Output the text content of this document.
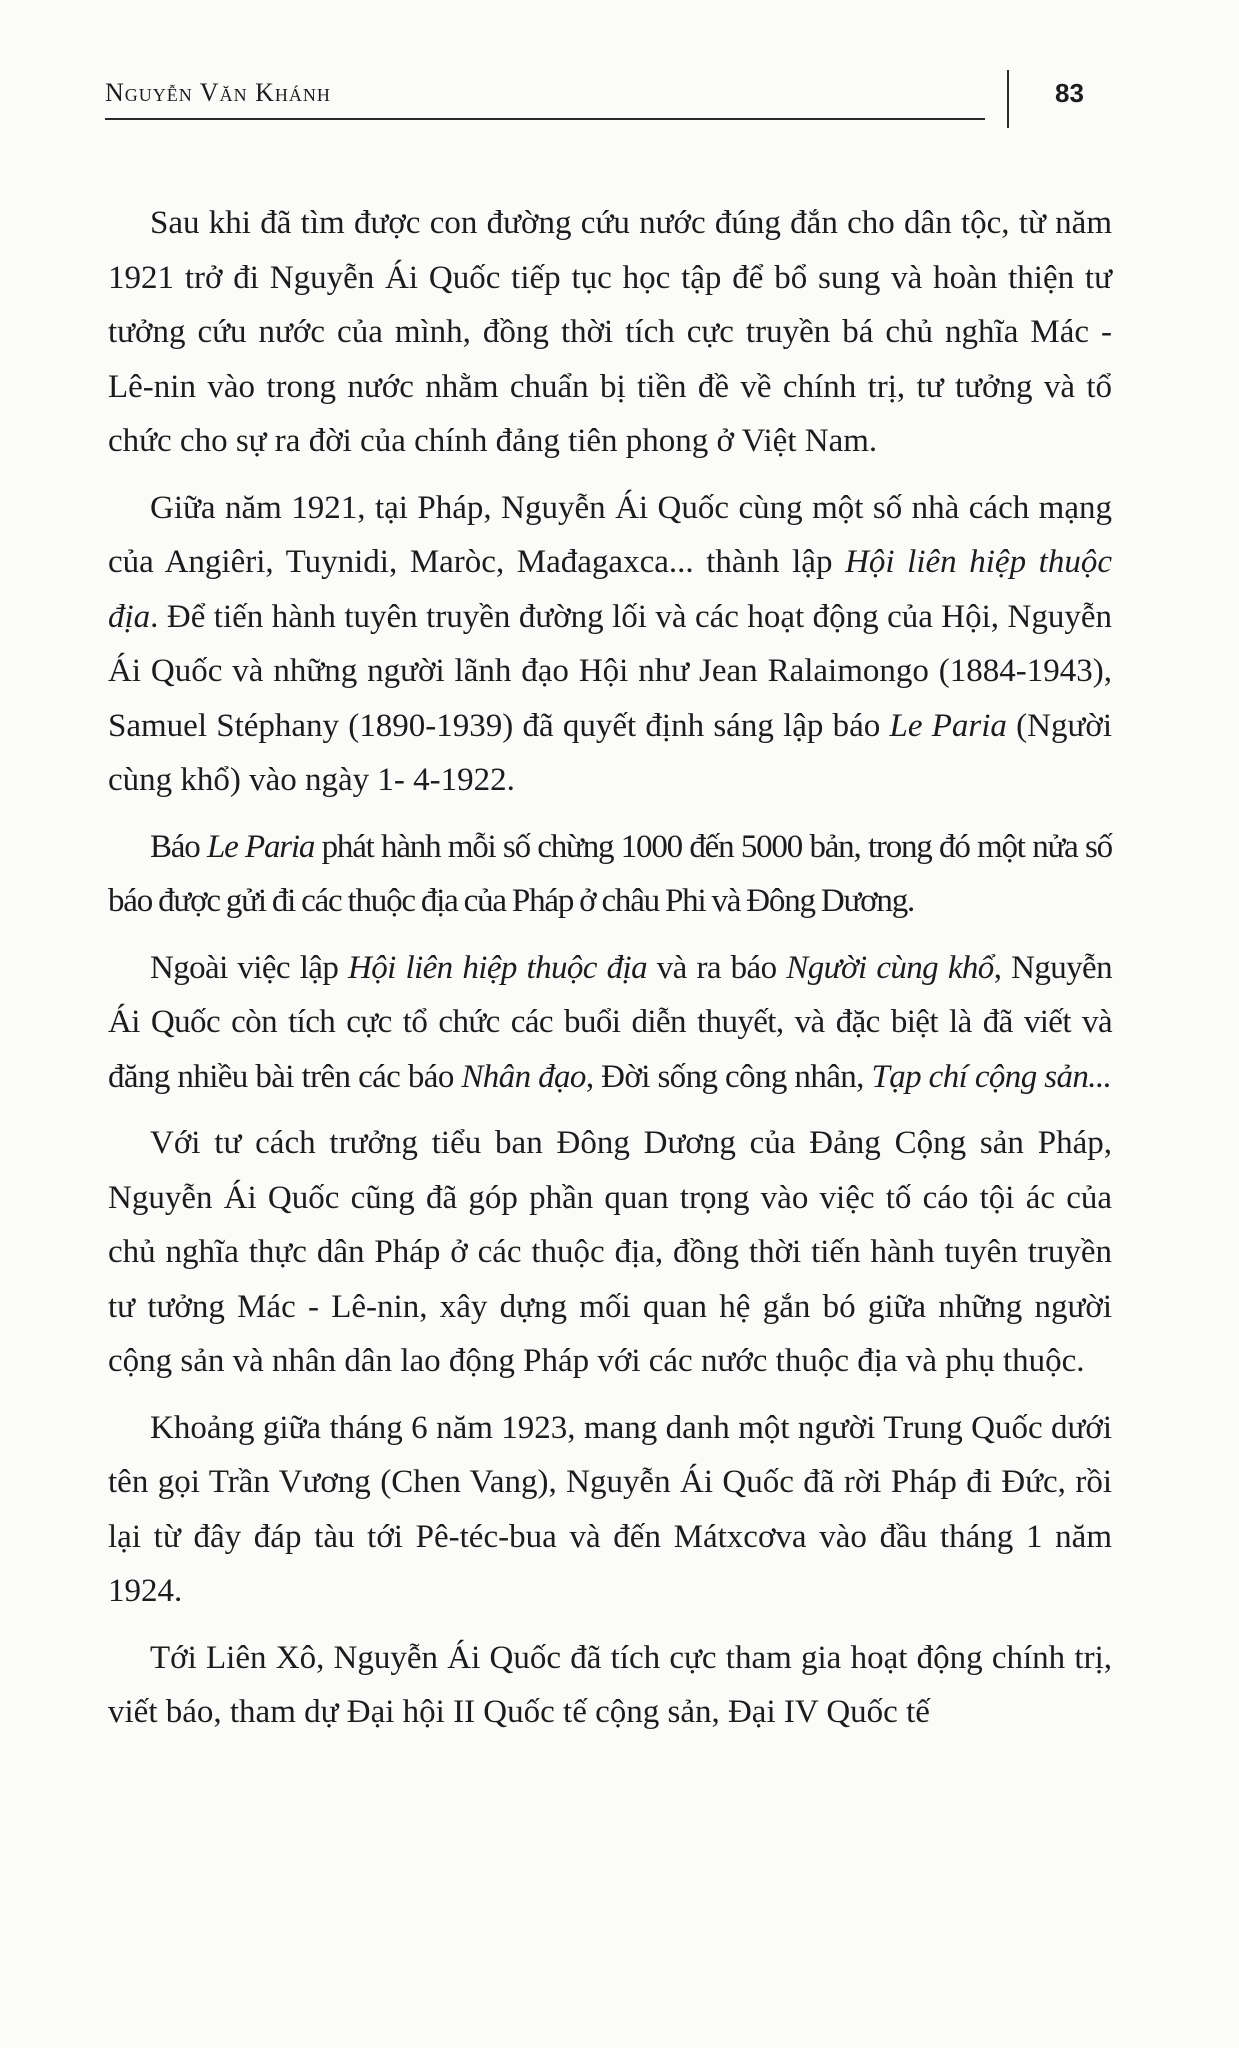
Nguyễn Văn Khánh	83

Sau khi đã tìm được con đường cứu nước đúng đắn cho dân tộc, từ năm 1921 trở đi Nguyễn Ái Quốc tiếp tục học tập để bổ sung và hoàn thiện tư tưởng cứu nước của mình, đồng thời tích cực truyền bá chủ nghĩa Mác - Lê-nin vào trong nước nhằm chuẩn bị tiền đề về chính trị, tư tưởng và tổ chức cho sự ra đời của chính đảng tiên phong ở Việt Nam.

Giữa năm 1921, tại Pháp, Nguyễn Ái Quốc cùng một số nhà cách mạng của Angiêri, Tuynidi, Maròc, Mađagaxca... thành lập Hội liên hiệp thuộc địa. Để tiến hành tuyên truyền đường lối và các hoạt động của Hội, Nguyễn Ái Quốc và những người lãnh đạo Hội như Jean Ralaimongo (1884-1943), Samuel Stéphany (1890-1939) đã quyết định sáng lập báo Le Paria (Người cùng khổ) vào ngày 1- 4-1922.

Báo Le Paria phát hành mỗi số chừng 1000 đến 5000 bản, trong đó một nửa số báo được gửi đi các thuộc địa của Pháp ở châu Phi và Đông Dương.

Ngoài việc lập Hội liên hiệp thuộc địa và ra báo Người cùng khổ, Nguyễn Ái Quốc còn tích cực tổ chức các buổi diễn thuyết, và đặc biệt là đã viết và đăng nhiều bài trên các báo Nhân đạo, Đời sống công nhân, Tạp chí cộng sản...

Với tư cách trưởng tiểu ban Đông Dương của Đảng Cộng sản Pháp, Nguyễn Ái Quốc cũng đã góp phần quan trọng vào việc tố cáo tội ác của chủ nghĩa thực dân Pháp ở các thuộc địa, đồng thời tiến hành tuyên truyền tư tưởng Mác - Lê-nin, xây dựng mối quan hệ gắn bó giữa những người cộng sản và nhân dân lao động Pháp với các nước thuộc địa và phụ thuộc.

Khoảng giữa tháng 6 năm 1923, mang danh một người Trung Quốc dưới tên gọi Trần Vương (Chen Vang), Nguyễn Ái Quốc đã rời Pháp đi Đức, rồi lại từ đây đáp tàu tới Pê-téc-bua và đến Mátxcơva vào đầu tháng 1 năm 1924.

Tới Liên Xô, Nguyễn Ái Quốc đã tích cực tham gia hoạt động chính trị, viết báo, tham dự Đại hội II Quốc tế cộng sản, Đại IV Quốc tế
